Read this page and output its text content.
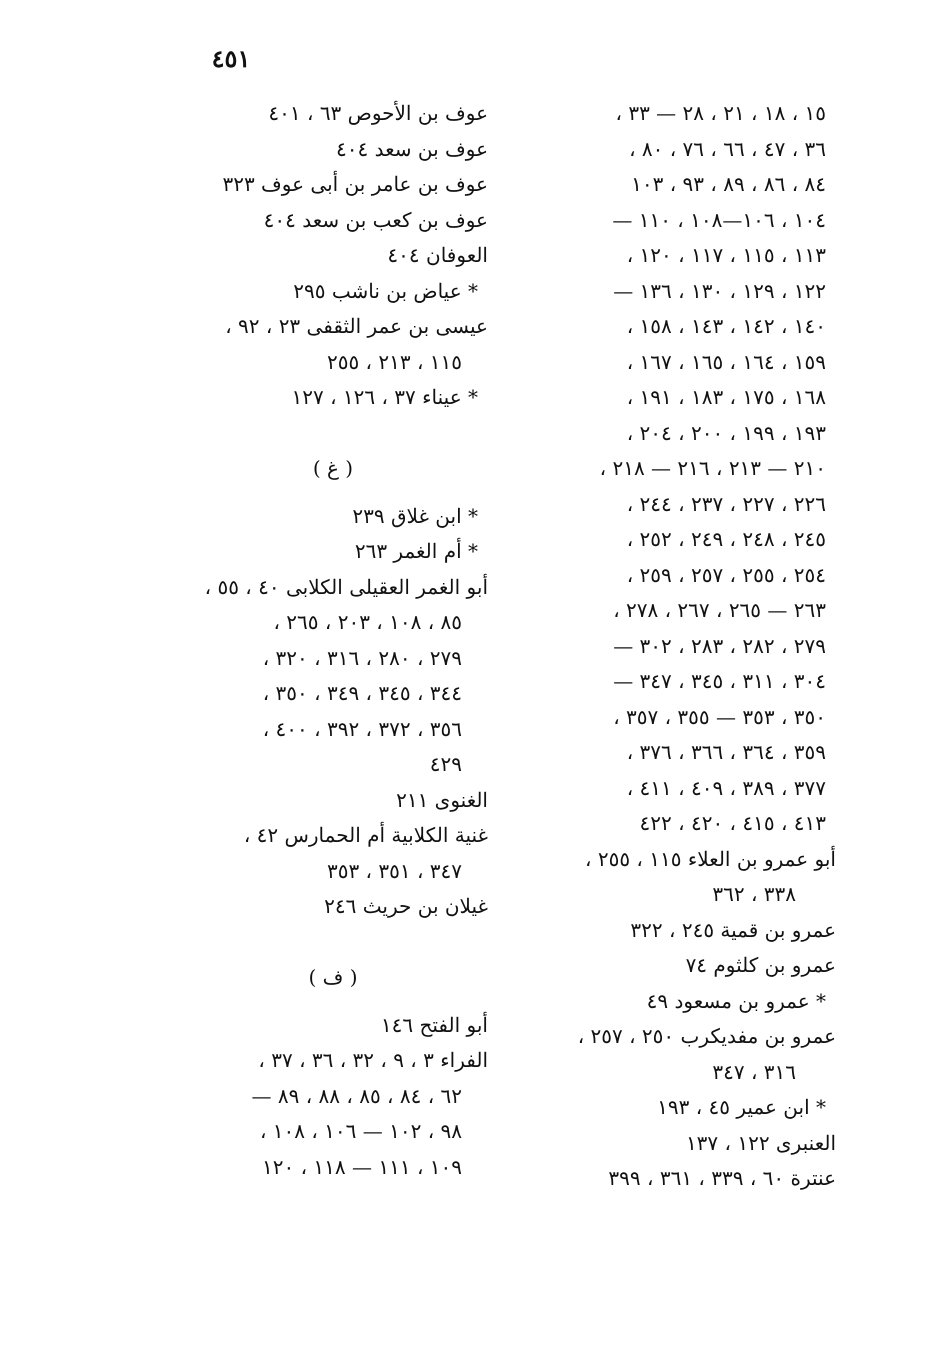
٤٥١
١٥ ، ١٨ ، ٢١ ، ٢٨ — ٣٣ ،
٣٦ ، ٤٧ ، ٦٦ ، ٧٦ ، ٨٠ ،
٨٤ ، ٨٦ ، ٨٩ ، ٩٣ ، ١٠٣
١٠٤ ، ١٠٦—١٠٨ ، ١١٠ —
١١٣ ، ١١٥ ، ١١٧ ، ١٢٠ ،
١٢٢ ، ١٢٩ ، ١٣٠ ، ١٣٦ —
١٤٠ ، ١٤٢ ، ١٤٣ ، ١٥٨ ،
١٥٩ ، ١٦٤ ، ١٦٥ ، ١٦٧ ،
١٦٨ ، ١٧٥ ، ١٨٣ ، ١٩١ ،
١٩٣ ، ١٩٩ ، ٢٠٠ ، ٢٠٤ ،
٢١٠ — ٢١٣ ، ٢١٦ — ٢١٨ ،
٢٢٦ ، ٢٢٧ ، ٢٣٧ ، ٢٤٤ ،
٢٤٥ ، ٢٤٨ ، ٢٤٩ ، ٢٥٢ ،
٢٥٤ ، ٢٥٥ ، ٢٥٧ ، ٢٥٩ ،
٢٦٣ — ٢٦٥ ، ٢٦٧ ، ٢٧٨ ،
٢٧٩ ، ٢٨٢ ، ٢٨٣ ، ٣٠٢ —
٣٠٤ ، ٣١١ ، ٣٤٥ ، ٣٤٧ —
٣٥٠ ، ٣٥٣ — ٣٥٥ ، ٣٥٧ ،
٣٥٩ ، ٣٦٤ ، ٣٦٦ ، ٣٧٦ ،
٣٧٧ ، ٣٨٩ ، ٤٠٩ ، ٤١١ ،
٤١٣ ، ٤١٥ ، ٤٢٠ ، ٤٢٢
أبو عمرو بن العلاء ١١٥ ، ٢٥٥ ،
٣٣٨ ، ٣٦٢
عمرو بن قمية ٢٤٥ ، ٣٢٢
عمرو بن كلثوم ٧٤
* عمرو بن مسعود ٤٩
عمرو بن مفديكرب ٢٥٠ ، ٢٥٧ ،
٣١٦ ، ٣٤٧
* ابن عمير ٤٥ ، ١٩٣
العنبرى ١٢٢ ، ١٣٧
عنترة ٦٠ ، ٣٣٩ ، ٣٦١ ، ٣٩٩
عوف بن الأحوص ٦٣ ، ٤٠١
عوف بن سعد ٤٠٤
عوف بن عامر بن أبى عوف ٣٢٣
عوف بن كعب بن سعد ٤٠٤
العوفان ٤٠٤
* عياض بن ناشب ٢٩٥
عيسى بن عمر الثقفى ٢٣ ، ٩٢ ،
١١٥ ، ٢١٣ ، ٢٥٥
* عيناء ٣٧ ، ١٢٦ ، ١٢٧
( غ )
* ابن غلاق ٢٣٩
* أم الغمر ٢٦٣
أبو الغمر العقيلى الكلابى ٤٠ ، ٥٥ ،
٨٥ ، ١٠٨ ، ٢٠٣ ، ٢٦٥ ،
٢٧٩ ، ٢٨٠ ، ٣١٦ ، ٣٢٠ ،
٣٤٤ ، ٣٤٥ ، ٣٤٩ ، ٣٥٠ ،
٣٥٦ ، ٣٧٢ ، ٣٩٢ ، ٤٠٠ ،
٤٢٩
الغنوى ٢١١
غنية الكلابية أم الحمارس ٤٢ ،
٣٤٧ ، ٣٥١ ، ٣٥٣
غيلان بن حريث ٢٤٦
( ف )
أبو الفتح ١٤٦
الفراء ٣ ، ٩ ، ٣٢ ، ٣٦ ، ٣٧ ،
٦٢ ، ٨٤ ، ٨٥ ، ٨٨ ، ٨٩ —
٩٨ ، ١٠٢ — ١٠٦ ، ١٠٨ ،
١٠٩ ، ١١١ — ١١٨ ، ١٢٠
